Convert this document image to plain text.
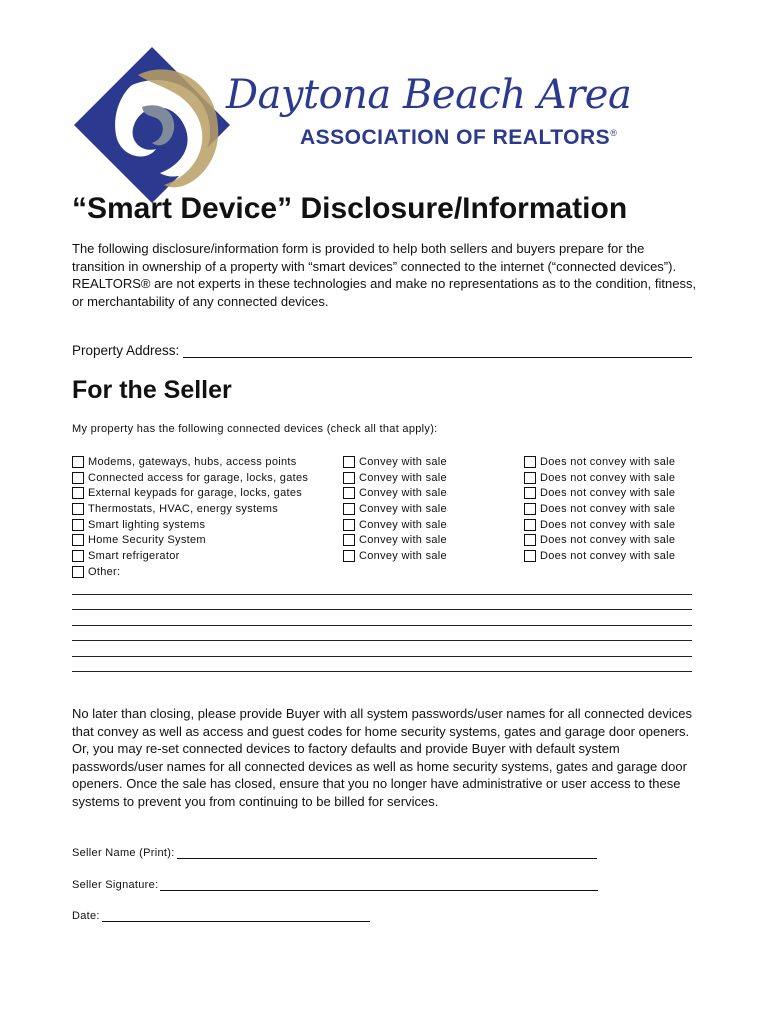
Daytona Beach Area
ASSOCIATION OF REALTORS®
“Smart Device” Disclosure/Information
The following disclosure/information form is provided to help both sellers and buyers prepare for the transition in ownership of a property with “smart devices” connected to the internet (“connected devices”). REALTORS® are not experts in these technologies and make no representations as to the condition, fitness, or merchantability of any connected devices.
Property Address:
For the Seller
My property has the following connected devices (check all that apply):
Modems, gateways, hubs, access points	Convey with sale	Does not convey with sale
Connected access for garage, locks, gates	Convey with sale	Does not convey with sale
External keypads for garage, locks, gates	Convey with sale	Does not convey with sale
Thermostats, HVAC, energy systems	Convey with sale	Does not convey with sale
Smart lighting systems	Convey with sale	Does not convey with sale
Home Security System	Convey with sale	Does not convey with sale
Smart refrigerator	Convey with sale	Does not convey with sale
Other:
No later than closing, please provide Buyer with all system passwords/user names for all connected devices that convey as well as access and guest codes for home security systems, gates and garage door openers. Or, you may re-set connected devices to factory defaults and provide Buyer with default system passwords/user names for all connected devices as well as home security systems, gates and garage door openers. Once the sale has closed, ensure that you no longer have administrative or user access to these systems to prevent you from continuing to be billed for services.
Seller Name (Print):
Seller Signature:
Date:
